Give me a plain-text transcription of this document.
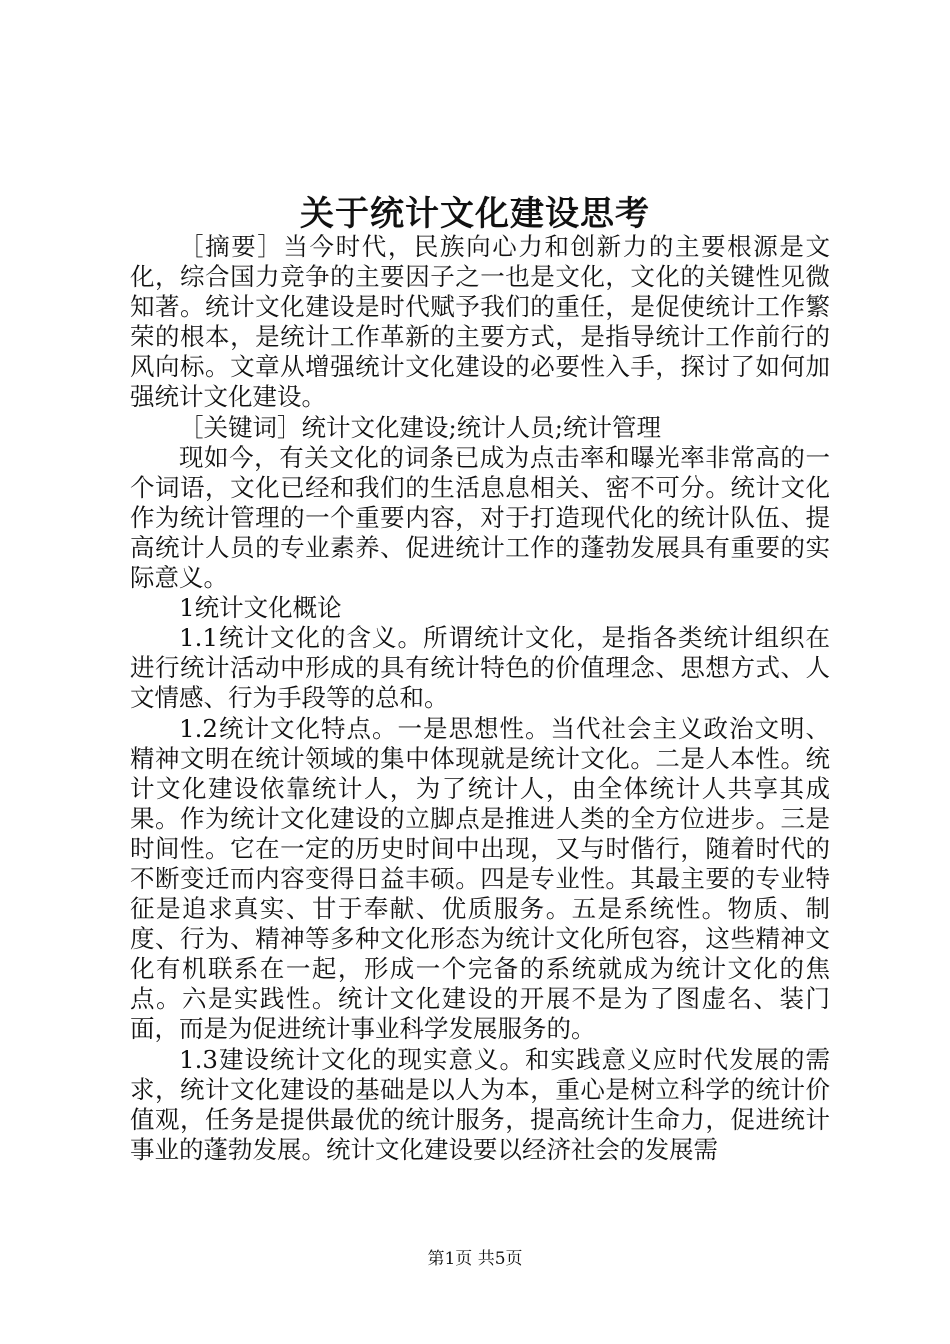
关于统计文化建设思考

［摘要］当今时代，民族向心力和创新力的主要根源是文化，综合国力竞争的主要因子之一也是文化，文化的关键性见微知著。统计文化建设是时代赋予我们的重任，是促使统计工作繁荣的根本，是统计工作革新的主要方式，是指导统计工作前行的风向标。文章从增强统计文化建设的必要性入手，探讨了如何加强统计文化建设。

［关键词］统计文化建设;统计人员;统计管理

现如今，有关文化的词条已成为点击率和曝光率非常高的一个词语，文化已经和我们的生活息息相关、密不可分。统计文化作为统计管理的一个重要内容，对于打造现代化的统计队伍、提高统计人员的专业素养、促进统计工作的蓬勃发展具有重要的实际意义。

1统计文化概论

1.1统计文化的含义。所谓统计文化，是指各类统计组织在进行统计活动中形成的具有统计特色的价值理念、思想方式、人文情感、行为手段等的总和。

1.2统计文化特点。一是思想性。当代社会主义政治文明、精神文明在统计领域的集中体现就是统计文化。二是人本性。统计文化建设依靠统计人，为了统计人，由全体统计人共享其成果。作为统计文化建设的立脚点是推进人类的全方位进步。三是时间性。它在一定的历史时间中出现，又与时偕行，随着时代的不断变迁而内容变得日益丰硕。四是专业性。其最主要的专业特征是追求真实、甘于奉献、优质服务。五是系统性。物质、制度、行为、精神等多种文化形态为统计文化所包容，这些精神文化有机联系在一起，形成一个完备的系统就成为统计文化的焦点。六是实践性。统计文化建设的开展不是为了图虚名、装门面，而是为促进统计事业科学发展服务的。

1.3建设统计文化的现实意义。和实践意义应时代发展的需求，统计文化建设的基础是以人为本，重心是树立科学的统计价值观，任务是提供最优的统计服务，提高统计生命力，促进统计事业的蓬勃发展。统计文化建设要以经济社会的发展需

第1页 共5页
